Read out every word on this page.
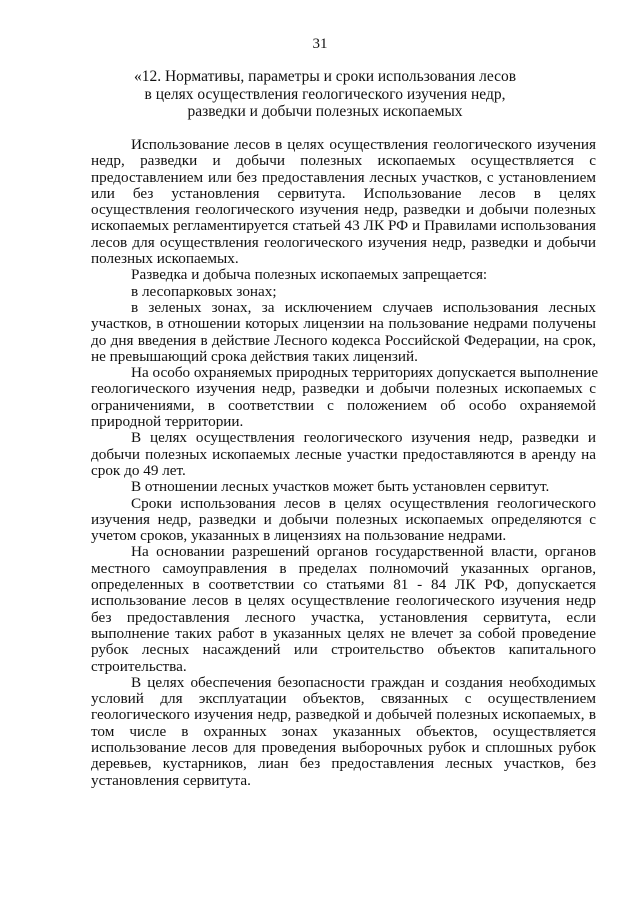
31
«12. Нормативы, параметры и сроки использования лесов
в целях осуществления геологического изучения недр,
разведки и добычи полезных ископаемых
Использование лесов в целях осуществления геологического изучения
недр, разведки и добычи полезных ископаемых осуществляется с
предоставлением или без предоставления лесных участков, с установлением
или без установления сервитута. Использование лесов в целях
осуществления геологического изучения недр, разведки и добычи полезных
ископаемых регламентируется статьей 43 ЛК РФ и Правилами использования
лесов для осуществления геологического изучения недр, разведки и добычи
полезных ископаемых.
Разведка и добыча полезных ископаемых запрещается:
в лесопарковых зонах;
в зеленых зонах, за исключением случаев использования лесных
участков, в отношении которых лицензии на пользование недрами получены
до дня введения в действие Лесного кодекса Российской Федерации, на срок,
не превышающий срока действия таких лицензий.
На особо охраняемых природных территориях допускается выполнение
геологического изучения недр, разведки и добычи полезных ископаемых с
ограничениями, в соответствии с положением об особо охраняемой
природной территории.
В целях осуществления геологического изучения недр, разведки и
добычи полезных ископаемых лесные участки предоставляются в аренду на
срок до 49 лет.
В отношении лесных участков может быть установлен сервитут.
Сроки использования лесов в целях осуществления геологического
изучения недр, разведки и добычи полезных ископаемых определяются с
учетом сроков, указанных в лицензиях на пользование недрами.
На основании разрешений органов государственной власти, органов
местного самоуправления в пределах полномочий указанных органов,
определенных в соответствии со статьями 81 - 84 ЛК РФ, допускается
использование лесов в целях осуществление геологического изучения недр
без предоставления лесного участка, установления сервитута, если
выполнение таких работ в указанных целях не влечет за собой проведение
рубок лесных насаждений или строительство объектов капитального
строительства.
В целях обеспечения безопасности граждан и создания необходимых
условий для эксплуатации объектов, связанных с осуществлением
геологического изучения недр, разведкой и добычей полезных ископаемых, в
том числе в охранных зонах указанных объектов, осуществляется
использование лесов для проведения выборочных рубок и сплошных рубок
деревьев, кустарников, лиан без предоставления лесных участков, без
установления сервитута.
